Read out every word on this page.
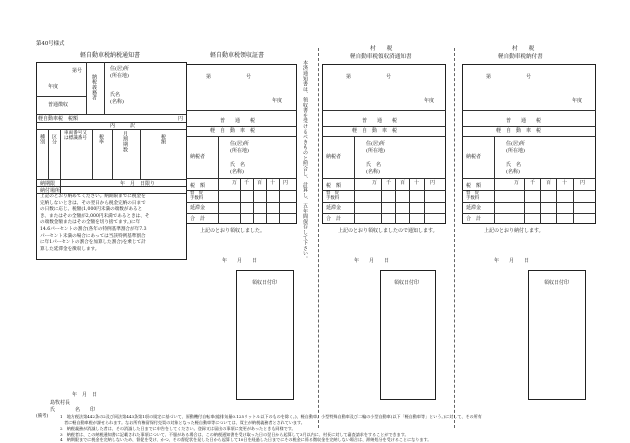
第40号様式
軽自動車税納税通知書
第号
年度
普通徴収
納税義務者
住(居)所
(所在地)
氏名
(名称)
軽自動車税　税額	円
内　　　訳
種別 区分
車両番号又は標識番号	税率	月割期数	税額
納期限	年　月　日限り
納付場所
上記のとおり納めてください。納期限までに税金を完納しないときは、その翌日から税金完納の日までの日数に応じ、税額(1,000円未満の端数があるとき、またはその全額が2,000円未満であるときは、その端数金額またはその全額を切り捨てます。)に年14.6パーセントの割合(各年の特例基準割合が年7.3パーセント未満の場合にあっては当該特例基準割合に年1パーセントの割合を加算した割合)を乗じて計算した延滞金を徴収します。
年　月　日
島牧村長
氏　　　　名　　印
軽自動車税領収証書
第　　　　　　　号
年度
普　　通　　税
軽　自　動　車　税
納税者
住(居)所
(所在地)
氏　名
(名称)
万 千 百 十 円
税　額
督　促手数料
延滞金
合　計
上記のとおり領収しました。
年　　月　　日
領収日付印
本済通知書は、領収書を受けるべきものと照合し、計算し、五年間保存して下さい。
村　　税
軽自動車税領収済通知書
第　　　　　　　号
年度
普　　通　　税
軽　自　動　車　税
納税者
住(居)所
(所在地)
氏　名
(名称)
万 千 百 十 円
税　額
督　促手数料
延滞金
合　計
上記のとおり領収しましたので通知します。
年　　月　　日
領収日付印
村　　税
軽自動車税納付書
第　　　　　　　号
年度
普　　通　　税
軽　自　動　車　税
納税者
住(居)所
(所在地)
氏　名
(名称)
万 千 百 十	円
税　額
督　促手数料
延滞金
合　計
上記のとおり納付します。
年　　月　　日
領収日付印
(備考)	1　地方税法第442条の2及び同法第443条第1項の規定に基づいて、原動機付自転車(総排気量0.125リットル以下のものを除く。)、軽自動車、小型特殊自動車及び二輪の小型自動車(以下「軽自動車等」という。)に対して、その所有
　者に軽自動車税が課せられます。なお所有権留保付売買の対象となった軽自動車等については、買主が納税義務者とされています。
2　納税義務が消滅した者は、その消滅した日までに申告をしてください。登録又は届出の事項に変更があったときも同様です。
3　納税者は、この納税通知書に記載された事項について、不服がある場合は、この納税通知書を受け取った日の翌日から起算して3月以内に、村長に対して審査請求をすることができます。
4　納期限までに税金を完納しないため、督促を受け、かつ、その督促状を発した日から起算して10日を経過した日までにその税金に係る徴収金を完納しない場合は、滞納処分を受けることになります。
